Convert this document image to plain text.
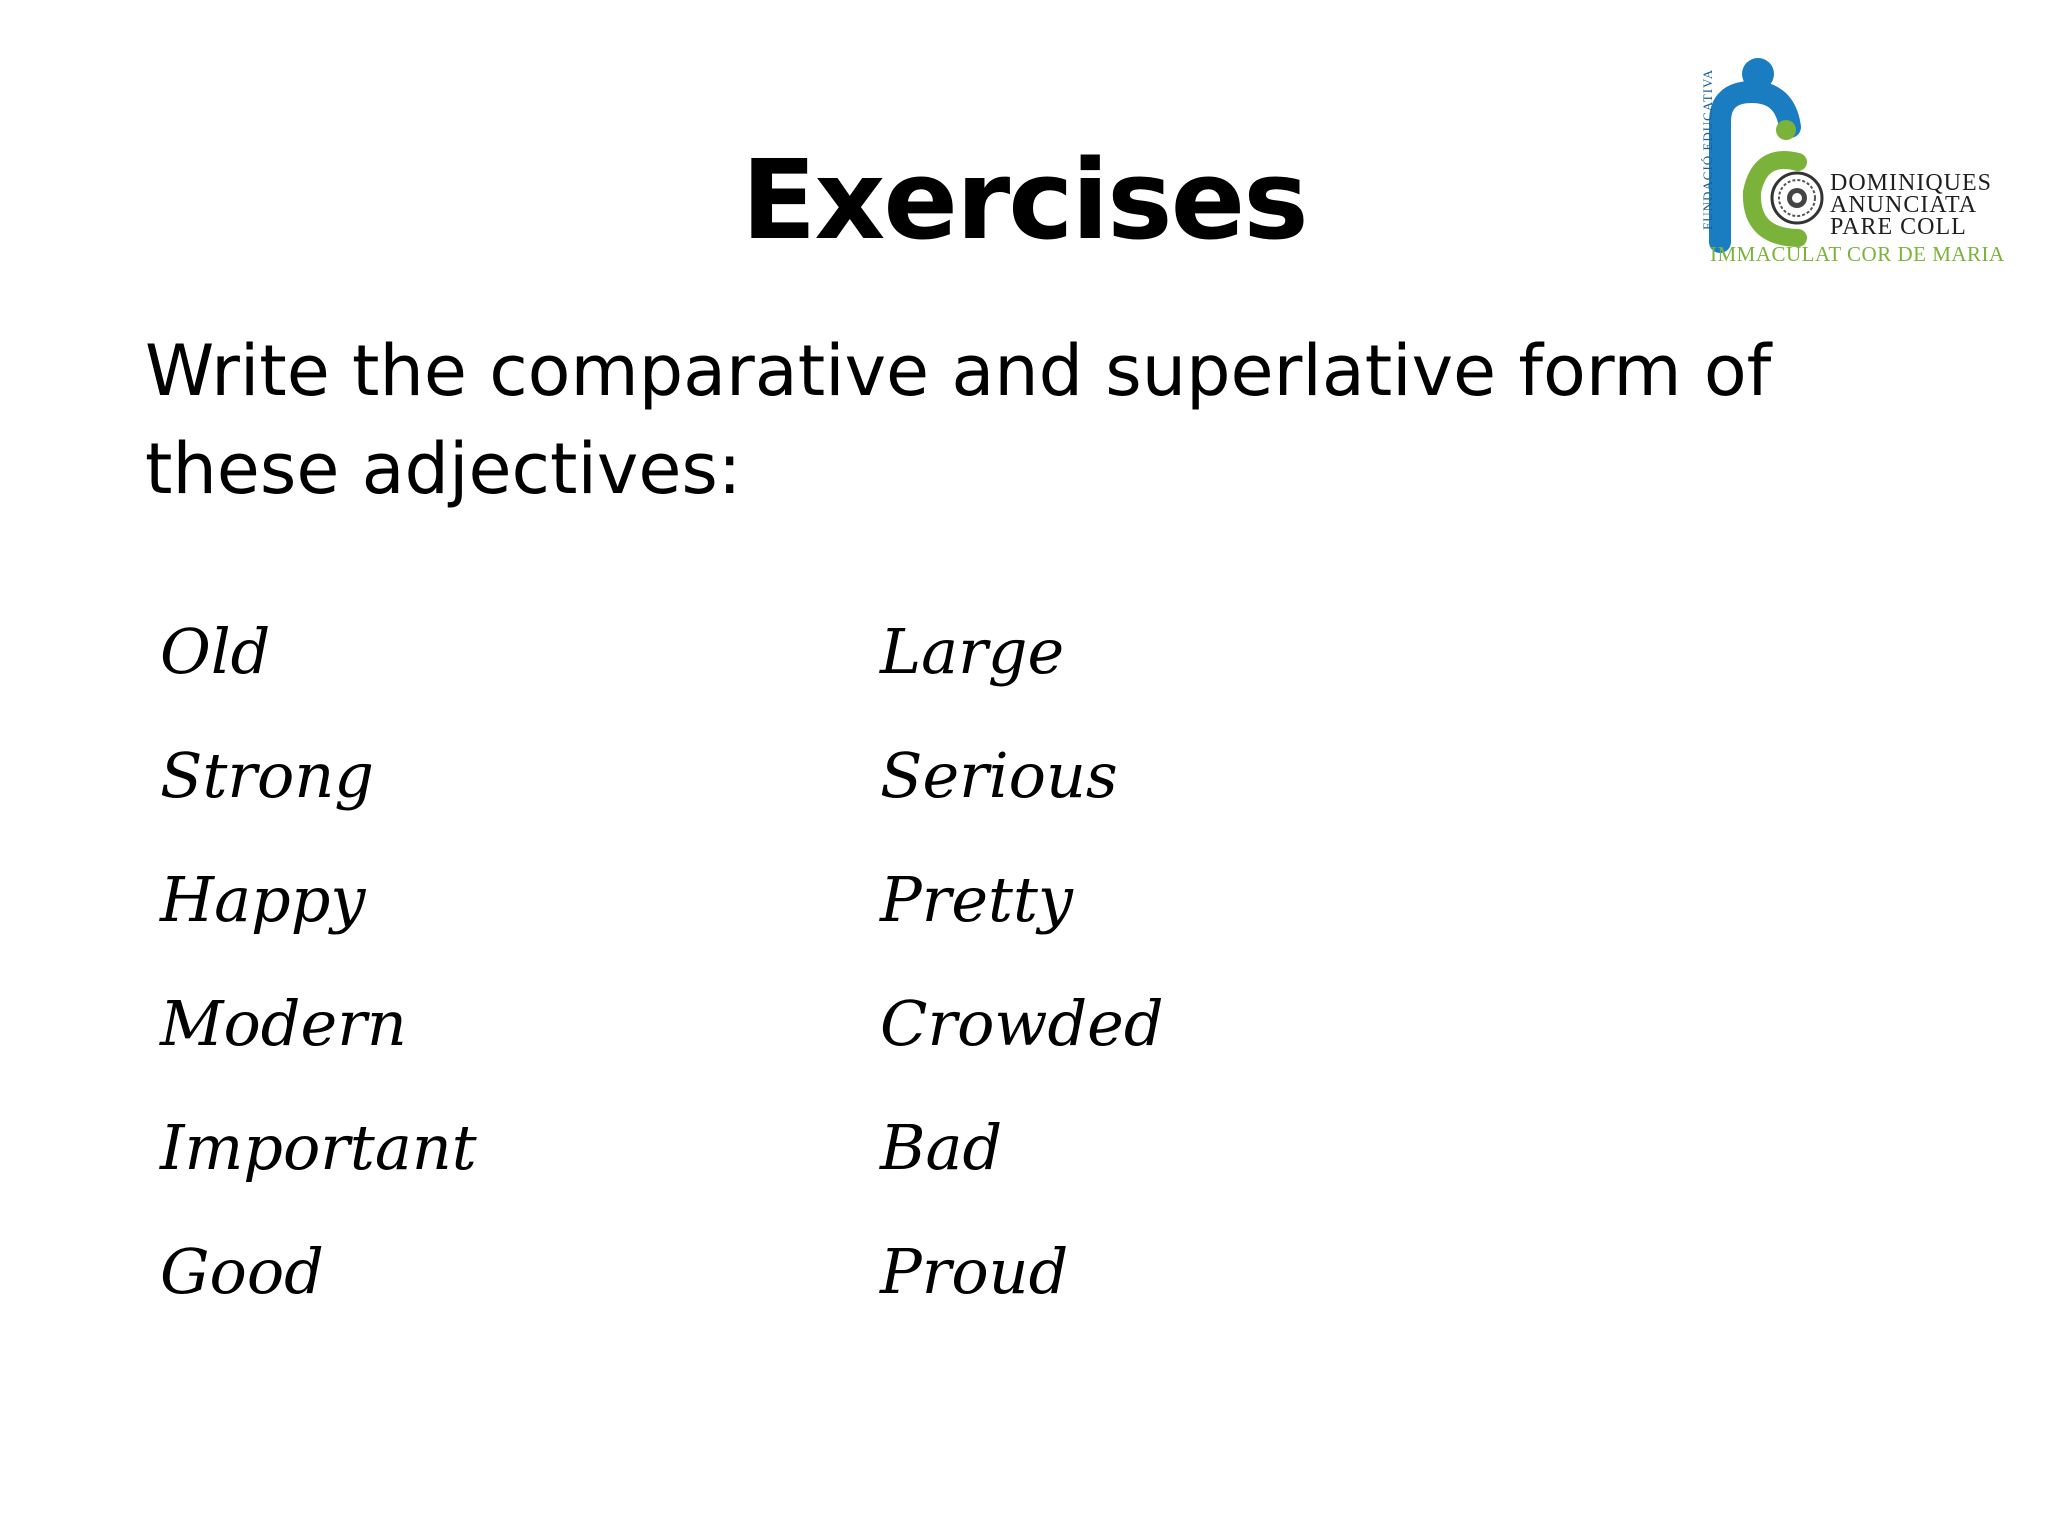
FUNDACIÓ EDUCATIVA	DOMINIQUES
ANUNCIATA
PARE COLL
IMMACULAT COR DE MARIA
Exercises
Write the comparative and superlative form of these adjectives:
Old
Strong
Happy
Modern
Important
Good
Large
Serious
Pretty
Crowded
Bad
Proud
